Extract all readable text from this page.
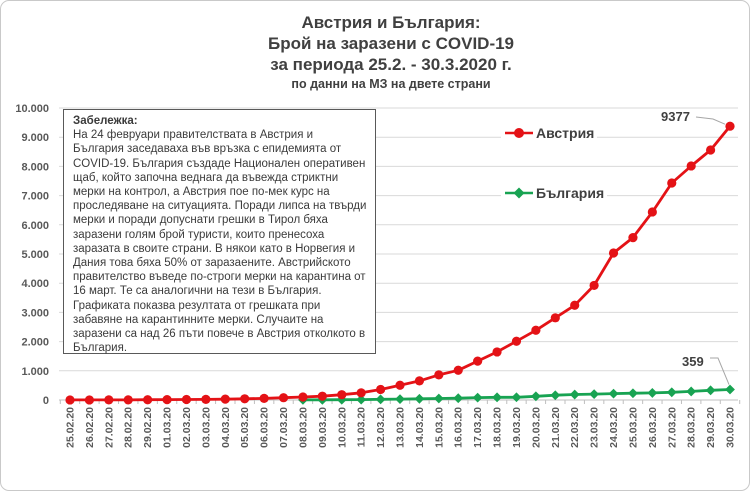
0
1.000
2.000
3.000
4.000
5.000
6.000
7.000
8.000
9.000
10.000
25.02.20 26.02.20 27.02.20 28.02.20 29.02.20 01.03.20 02.03.20 03.03.20 04.03.20 05.03.20 06.03.20 07.03.20 08.03.20 09.03.20 10.03.20 11.03.20 12.03.20 13.03.20 14.03.20 15.03.20 16.03.20 17.03.20 18.03.20 19.03.20 20.03.20 21.03.20 22.03.20 23.03.20 24.03.20 25.03.20 26.03.20 27.03.20 28.03.20 29.03.20 30.03.20
Австрия и България:
Брой на заразени с COVID-19
за периода 25.2. - 30.3.2020 г.
по данни на МЗ на двете страни
Забележка:
На 24 февруари правителствата в Австрия и България заседаваха във връзка с епидемията от COVID-19. България създаде Национален оперативен щаб, който започна веднага да въвежда стриктни мерки на контрол, а Австрия пое по-мек курс на проследяване на ситуацията. Поради липса на твърди мерки и поради допуснати грешки в Тирол бяха заразени голям брой туристи, които пренесоха заразата в своите страни. В някои като в Норвегия и Дания това бяха 50% от заразаените. Австрийското правителство въведе по-строги мерки на карантина от 16 март. Те са аналогични на тези в България. Графиката показва резултата от грешката при забавяне на карантинните мерки. Случаите на заразени са над 26 пъти повече в Австрия отколкото в България.
Австрия
България
9377
359
